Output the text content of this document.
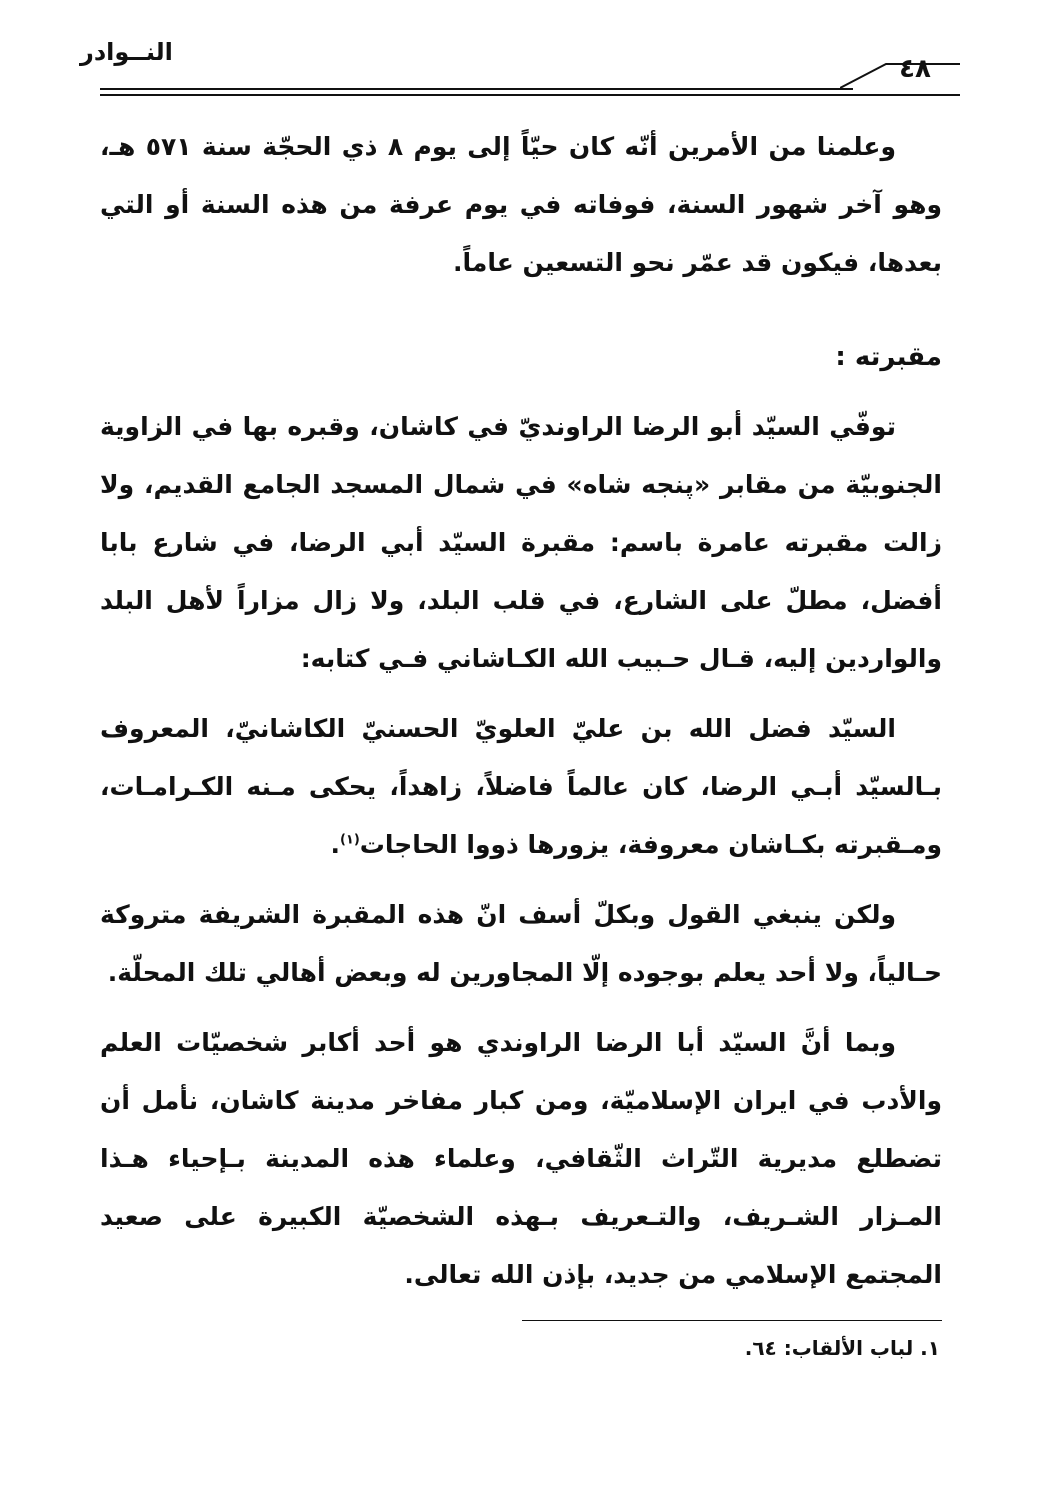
النــوادر
٤٨

وعلمنا من الأمرين أنّه كان حيّاً إلى يوم ٨ ذي الحجّة سنة ٥٧١ هـ، وهو آخر شهور السنة، فوفاته في يوم عرفة من هذه السنة أو التي بعدها، فيكون قد عمّر نحو التسعين عاماً.

مقبرته :

توفّي السيّد أبو الرضا الراونديّ في كاشان، وقبره بها في الزاوية الجنوبيّة من مقابر «پنجه شاه» في شمال المسجد الجامع القديم، ولا زالت مقبرته عامرة باسم: مقبرة السيّد أبي الرضا، في شارع بابا أفضل، مطلّ على الشارع، في قلب البلد، ولا زال مزاراً لأهل البلد والواردين إليه، قـال حـبيب الله الكـاشاني فـي كتابه:

السيّد فضل الله بن عليّ العلويّ الحسنيّ الكاشانيّ، المعروف بـالسيّد أبـي الرضا، كان عالماً فاضلاً، زاهداً، يحكى مـنه الكـرامـات، ومـقبرته بكـاشان معروفة، يزورها ذووا الحاجات$^{(١)}$.

ولكن ينبغي القول وبكلّ أسف انّ هذه المقبرة الشريفة متروكة حـالياً، ولا أحد يعلم بوجوده إلّا المجاورين له وبعض أهالي تلك المحلّة.

وبما أنَّ السيّد أبا الرضا الراوندي هو أحد أكابر شخصيّات العلم والأدب في ايران الإسلاميّة، ومن كبار مفاخر مدينة كاشان، نأمل أن تضطلع مديرية التّراث الثّقافي، وعلماء هذه المدينة بـإحياء هـذا المـزار الشـريف، والتـعريف بـهذه الشخصيّة الكبيرة على صعيد المجتمع الإسلامي من جديد، بإذن الله تعالى.

١. لباب الألقاب: ٦٤.
